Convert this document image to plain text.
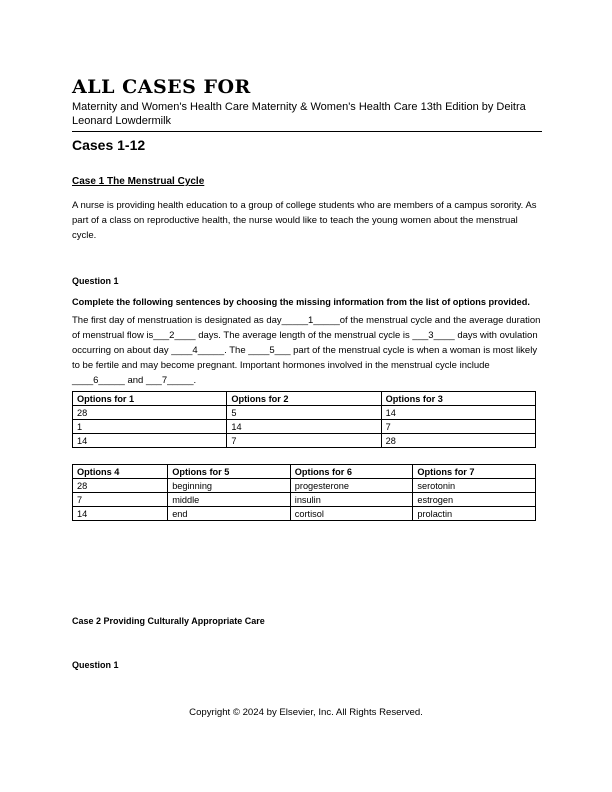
ALL CASES FOR

Maternity and Women's Health Care Maternity & Women's Health Care 13th Edition by Deitra Leonard Lowdermilk

Cases 1-12
Case 1 The Menstrual Cycle

A nurse is providing health education to a group of college students who are members of a campus sorority. As part of a class on reproductive health, the nurse would like to teach the young women about the menstrual cycle.

Question 1

Complete the following sentences by choosing the missing information from the list of options provided.

The first day of menstruation is designated as day_____1_____of the menstrual cycle and the average duration of menstrual flow is___2____ days. The average length of the menstrual cycle is ___3____ days with ovulation occurring on about day ____4_____. The ____5___ part of the menstrual cycle is when a woman is most likely to be fertile and may become pregnant. Important hormones involved in the menstrual cycle include ____6_____ and ___7_____.

Options for 1	Options for 2	Options for 3
28	5	14
1	14	7
14	7	28
Options 4	Options for 5	Options for 6	Options for 7
28	beginning	progesterone	serotonin
7	middle	insulin	estrogen
14	end	cortisol	prolactin

Case 2 Providing Culturally Appropriate Care

Question 1

Copyright © 2024 by Elsevier, Inc. All Rights Reserved.
